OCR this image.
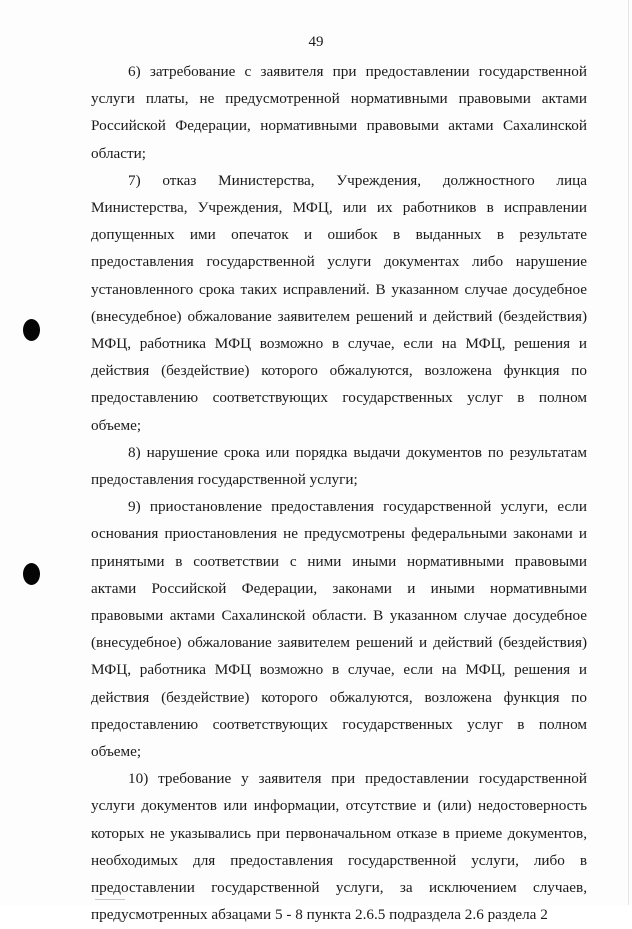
49

6) затребование с заявителя при предоставлении государственной услуги платы, не предусмотренной нормативными правовыми актами Российской Федерации, нормативными правовыми актами Сахалинской области;

7) отказ Министерства, Учреждения, должностного лица Министерства, Учреждения, МФЦ, или их работников в исправлении допущенных ими опечаток и ошибок в выданных в результате предоставления государственной услуги документах либо нарушение установленного срока таких исправлений. В указанном случае досудебное (внесудебное) обжалование заявителем решений и действий (бездействия) МФЦ, работника МФЦ возможно в случае, если на МФЦ, решения и действия (бездействие) которого обжалуются, возложена функция по предоставлению соответствующих государственных услуг в полном объеме;

8) нарушение срока или порядка выдачи документов по результатам предоставления государственной услуги;

9) приостановление предоставления государственной услуги, если основания приостановления не предусмотрены федеральными законами и принятыми в соответствии с ними иными нормативными правовыми актами Российской Федерации, законами и иными нормативными правовыми актами Сахалинской области. В указанном случае досудебное (внесудебное) обжалование заявителем решений и действий (бездействия) МФЦ, работника МФЦ возможно в случае, если на МФЦ, решения и действия (бездействие) которого обжалуются, возложена функция по предоставлению соответствующих государственных услуг в полном объеме;

10) требование у заявителя при предоставлении государственной услуги документов или информации, отсутствие и (или) недостоверность которых не указывались при первоначальном отказе в приеме документов, необходимых для предоставления государственной услуги, либо в предоставлении государственной услуги, за исключением случаев, предусмотренных абзацами 5 - 8 пункта 2.6.5 подраздела 2.6 раздела 2
